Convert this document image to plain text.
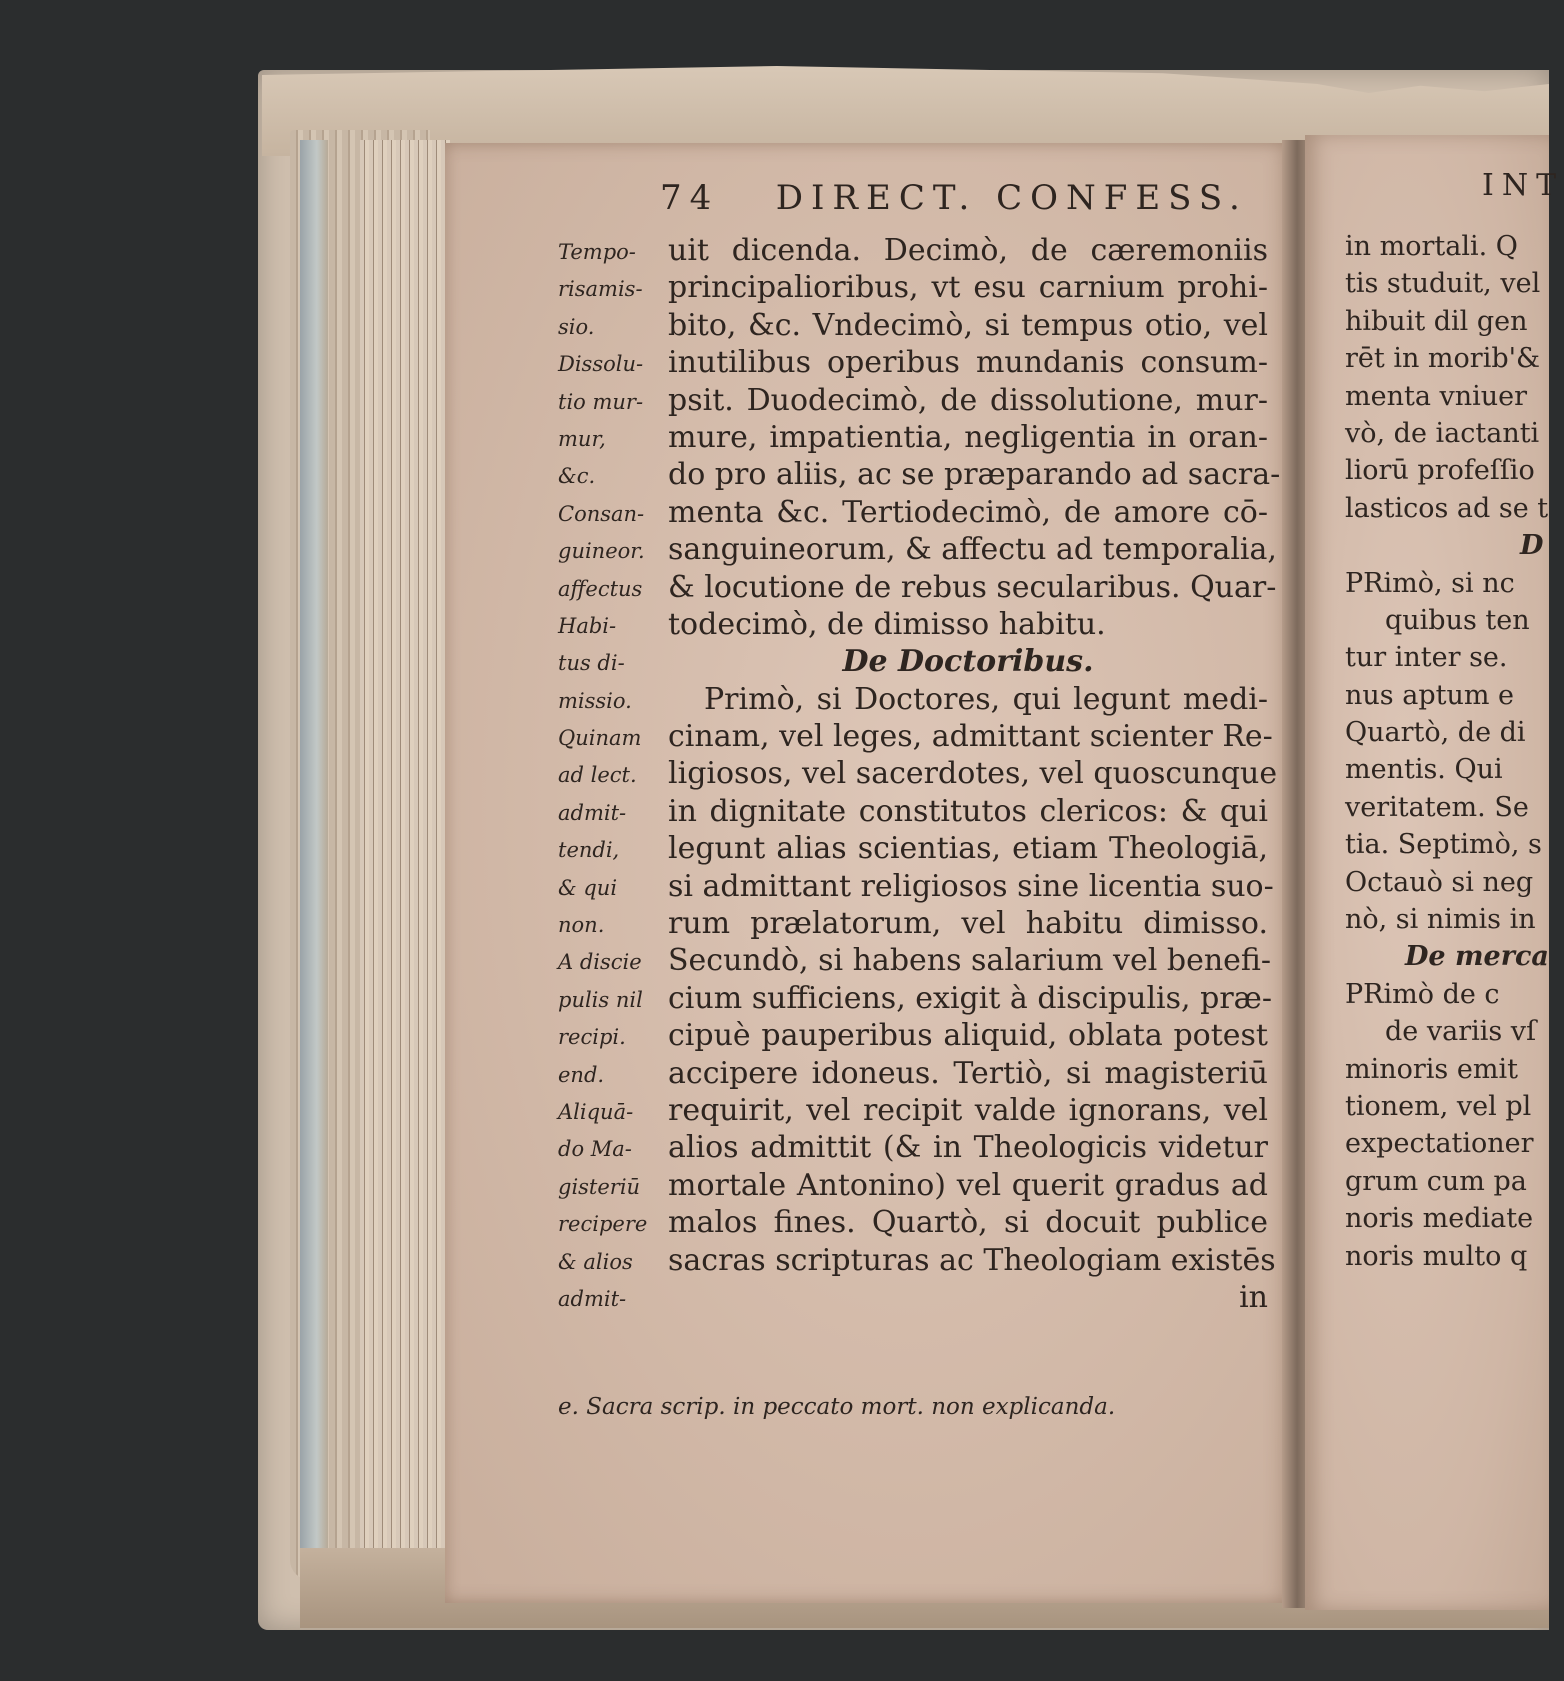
74 DIRECT. CONFESS.
Tempo-
risamis-
sio.
Dissolu-
tio mur-
mur,
&c.
Consan-
guineor.
affectus
Habi-
tus di-
missio.
Quinam
ad lect.
admit-
tendi,
& qui
non.
A discie
pulis nil
recipi.
end.
Aliquā-
do Ma-
gisteriū
recipere
& alios
admit-
uit dicenda. Decimò, de cæremoniis
principalioribus, vt esu carnium prohi-
bito, &c. Vndecimò, si tempus otio, vel
inutilibus operibus mundanis consum-
psit. Duodecimò, de dissolutione, mur-
mure, impatientia, negligentia in oran-
do pro aliis, ac se præparando ad sacra-
menta &c. Tertiodecimò, de amore cō-
sanguineorum, & affectu ad temporalia,
& locutione de rebus secularibus. Quar-
todecimò, de dimisso habitu.
De Doctoribus.
Primò, si Doctores, qui legunt medi-
cinam, vel leges, admittant scienter Re-
ligiosos, vel sacerdotes, vel quoscunque
in dignitate constitutos clericos: & qui
legunt alias scientias, etiam Theologiā,
si admittant religiosos sine licentia suo-
rum prælatorum, vel habitu dimisso.
Secundò, si habens salarium vel benefi-
cium sufficiens, exigit à discipulis, præ-
cipuè pauperibus aliquid, oblata potest
accipere idoneus. Tertiò, si magisteriū
requirit, vel recipit valde ignorans, vel
alios admittit (& in Theologicis videtur
mortale Antonino) vel querit gradus ad
malos fines. Quartò, si docuit publice
sacras scripturas ac Theologiam existēs
in
e. Sacra scrip. in peccato mort. non explicanda.
INT
in mortali. Q
tis studuit, vel
hibuit dil gen
rēt in morib'&
menta vniuer
vò, de iactanti
liorū profeſſio
lasticos ad se t
D
PRimò, si nc
quibus ten
tur inter se.
nus aptum e
Quartò, de di
mentis. Qui
veritatem. Se
tia. Septimò, s
Octauò si neg
nò, si nimis in
De merca
PRimò de c
de variis vſ
minoris emit
tionem, vel pl
expectationer
grum cum pa
noris mediate
noris multo q
